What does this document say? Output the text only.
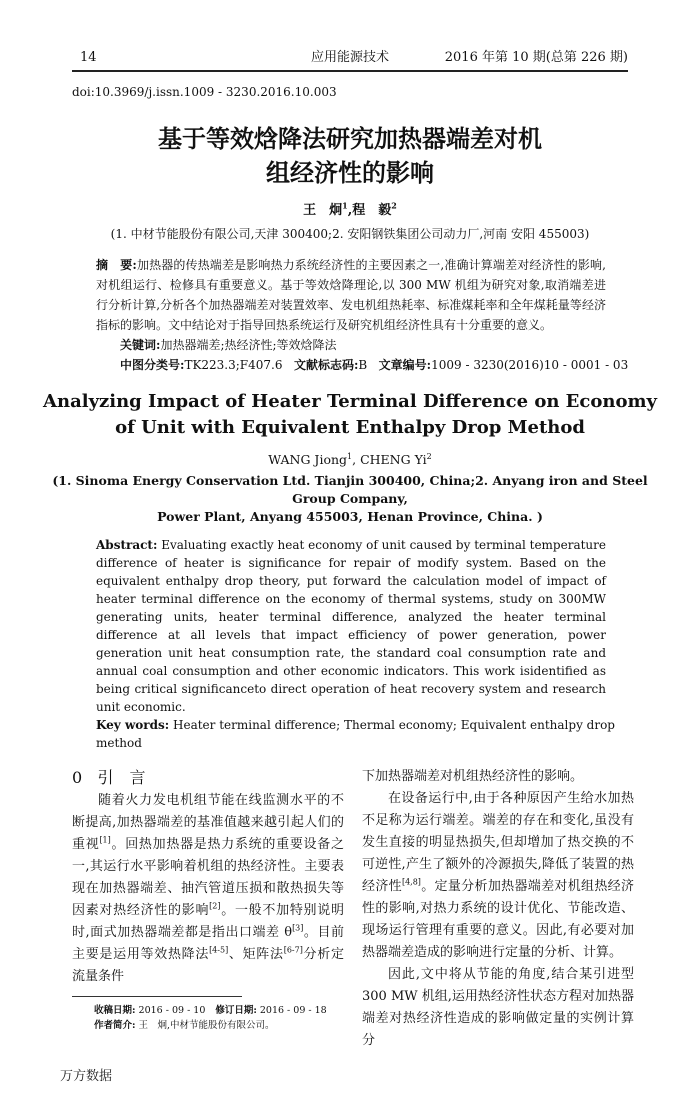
14	应用能源技术	2016 年第 10 期(总第 226 期)
doi:10.3969/j.issn.1009 - 3230.2016.10.003
基于等效焓降法研究加热器端差对机
组经济性的影响
王　炯$^1$,程　毅$^2$
(1. 中材节能股份有限公司,天津 300400;2. 安阳钢铁集团公司动力厂,河南 安阳 455003)
摘　要:加热器的传热端差是影响热力系统经济性的主要因素之一,准确计算端差对经济性的影响,对机组运行、检修具有重要意义。基于等效焓降理论,以 300 MW 机组为研究对象,取消端差进行分析计算,分析各个加热器端差对装置效率、发电机组热耗率、标准煤耗率和全年煤耗量等经济指标的影响。文中结论对于指导回热系统运行及研究机组经济性具有十分重要的意义。
关键词:加热器端差;热经济性;等效焓降法
中图分类号:TK223.3;F407.6 文献标志码:B 文章编号:1009 - 3230(2016)10 - 0001 - 03
Analyzing Impact of Heater Terminal Difference on Economy
of Unit with Equivalent Enthalpy Drop Method
WANG Jiong$^1$, CHENG Yi$^2$
(1. Sinoma Energy Conservation Ltd. Tianjin 300400, China;2. Anyang iron and Steel Group Company,
Power Plant, Anyang 455003, Henan Province, China. )
Abstract: Evaluating exactly heat economy of unit caused by terminal temperature difference of heater is significance for repair of modify system. Based on the equivalent enthalpy drop theory, put forward the calculation model of impact of heater terminal difference on the economy of thermal systems, study on 300MW generating units, heater terminal difference, analyzed the heater terminal difference at all levels that impact efficiency of power generation, power generation unit heat consumption rate, the standard coal consumption rate and annual coal consumption and other economic indicators. This work isidentified as being critical significanceto direct operation of heat recovery system and research unit economic.
Key words: Heater terminal difference; Thermal economy; Equivalent enthalpy drop method
0 引　言
随着火力发电机组节能在线监测水平的不断提高,加热器端差的基准值越来越引起人们的重视[1]。回热加热器是热力系统的重要设备之一,其运行水平影响着机组的热经济性。主要表现在加热器端差、抽汽管道压损和散热损失等因素对热经济性的影响[2]。一般不加特别说明时,面式加热器端差都是指出口端差 θ[3]。目前主要是运用等效热降法[4-5]、矩阵法[6-7]分析定流量条件
收稿日期: 2016 - 09 - 10 修订日期: 2016 - 09 - 18
作者简介: 王　炯,中材节能股份有限公司。
下加热器端差对机组热经济性的影响。
在设备运行中,由于各种原因产生给水加热不足称为运行端差。端差的存在和变化,虽没有发生直接的明显热损失,但却增加了热交换的不可逆性,产生了额外的冷源损失,降低了装置的热经济性[4,8]。定量分析加热器端差对机组热经济性的影响,对热力系统的设计优化、节能改造、现场运行管理有重要的意义。因此,有必要对加热器端差造成的影响进行定量的分析、计算。
因此,文中将从节能的角度,结合某引进型 300 MW 机组,运用热经济性状态方程对加热器端差对热经济性造成的影响做定量的实例计算分
万方数据
